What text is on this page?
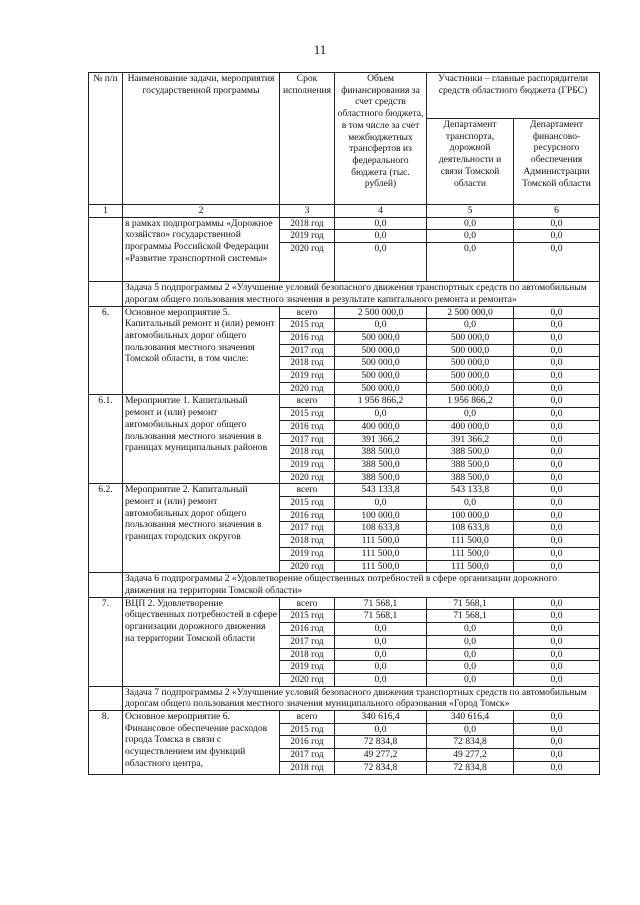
11
№ п/п	Наименование задачи, мероприятия государственной программы	Срок исполнения	Объем финансирования за счет средств областного бюджета, в том числе за счет межбюджетных трансфертов из федерального бюджета (тыс. рублей)	Участники – главные распорядители средств областного бюджета (ГРБС)	
				Департамент транспорта, дорожной деятельности и связи Томской области	Департамент финансово-ресурсного обеспечения Администрации Томской области
1	2	3	4	5	6
	в рамках подпрограммы «Дорожное хозяйство» государственной программы Российской Федерации «Развитие транспортной системы»	2018 год	0,0	0,0	0,0
		2019 год	0,0	0,0	0,0
		2020 год	0,0	0,0	0,0
	Задача 5 подпрограммы 2 «Улучшение условий безопасного движения транспортных средств по автомобильным дорогам общего пользования местного значения в результате капитального ремонта и ремонта»				
6.	Основное мероприятие 5. Капитальный ремонт и (или) ремонт автомобильных дорог общего пользования местного значения Томской области, в том числе:	всего	2 500 000,0	2 500 000,0	0,0
		2015 год	0,0	0,0	0,0
		2016 год	500 000,0	500 000,0	0,0
		2017 год	500 000,0	500 000,0	0,0
		2018 год	500 000,0	500 000,0	0,0
		2019 год	500 000,0	500 000,0	0,0
		2020 год	500 000,0	500 000,0	0,0
6.1.	Мероприятие 1. Капитальный ремонт и (или) ремонт автомобильных дорог общего пользования местного значения в границах муниципальных районов	всего	1 956 866,2	1 956 866,2	0,0
		2015 год	0,0	0,0	0,0
		2016 год	400 000,0	400 000,0	0,0
		2017 год	391 366,2	391 366,2	0,0
		2018 год	388 500,0	388 500,0	0,0
		2019 год	388 500,0	388 500,0	0,0
		2020 год	388 500,0	388 500,0	0,0
6.2.	Мероприятие 2. Капитальный ремонт и (или) ремонт автомобильных дорог общего пользования местного значения в границах городских округов	всего	543 133,8	543 133,8	0,0
		2015 год	0,0	0,0	0,0
		2016 год	100 000,0	100 000,0	0,0
		2017 год	108 633,8	108 633,8	0,0
		2018 год	111 500,0	111 500,0	0,0
		2019 год	111 500,0	111 500,0	0,0
		2020 год	111 500,0	111 500,0	0,0
	Задача 6 подпрограммы 2 «Удовлетворение общественных потребностей в сфере организации дорожного движения на территории Томской области»				
7.	ВЦП 2. Удовлетворение общественных потребностей в сфере организации дорожного движения на территории Томской области	всего	71 568,1	71 568,1	0,0
		2015 год	71 568,1	71 568,1	0,0
		2016 год	0,0	0,0	0,0
		2017 год	0,0	0,0	0,0
		2018 год	0,0	0,0	0,0
		2019 год	0,0	0,0	0,0
		2020 год	0,0	0,0	0,0
	Задача 7 подпрограммы 2 «Улучшение условий безопасного движения транспортных средств по автомобильным дорогам общего пользования местного значения муниципального образования «Город Томск»				
8.	Основное мероприятие 6. Финансовое обеспечение расходов города Томска в связи с осуществлением им функций областного центра,	всего	340 616,4	340 616,4	0,0
		2015 год	0,0	0,0	0,0
		2016 год	72 834,8	72 834,8	0,0
		2017 год	49 277,2	49 277,2	0,0
		2018 год	72 834,8	72 834,8	0,0
